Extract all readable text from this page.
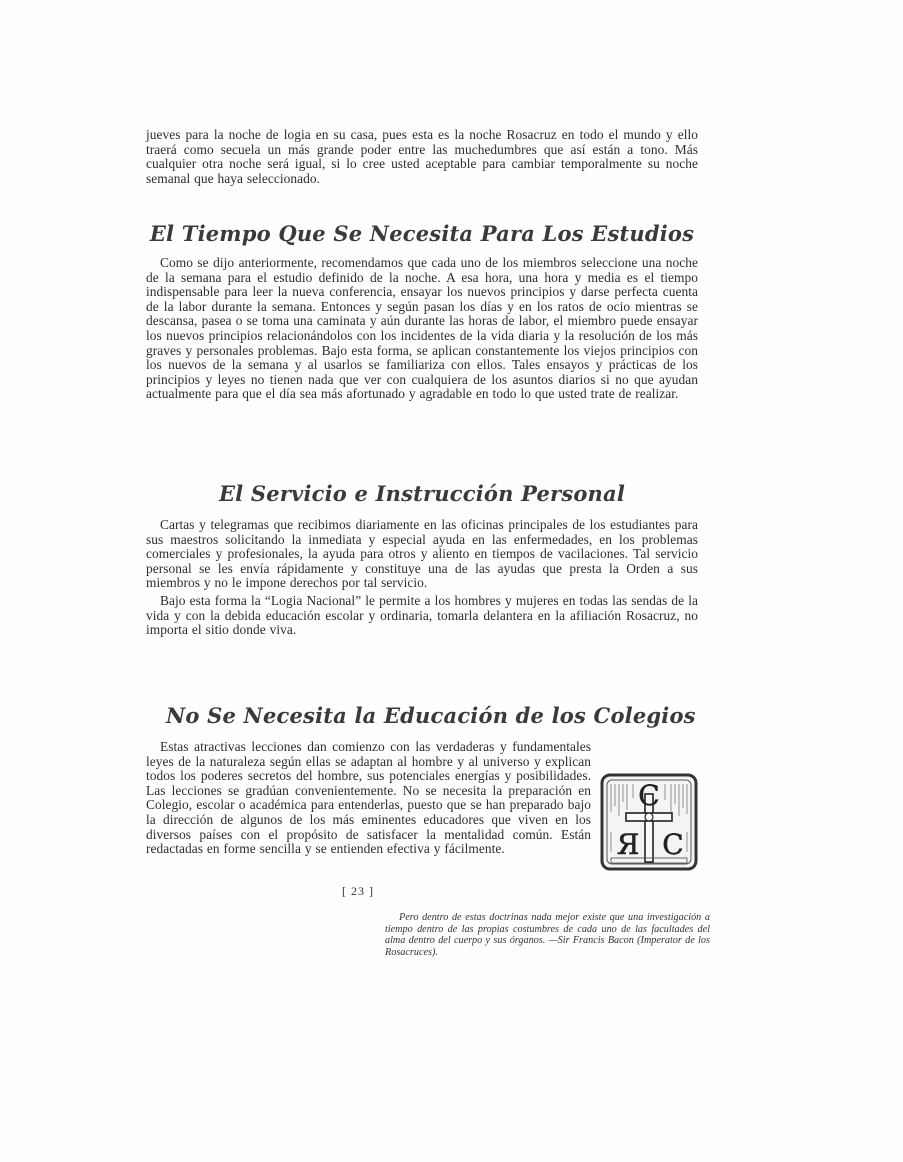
jueves para la noche de logia en su casa, pues esta es la noche Rosacruz en todo el mundo y ello traerá como secuela un más grande poder entre las muchedumbres que así están a tono. Más cualquier otra noche será igual, si lo cree usted aceptable para cambiar temporalmente su noche semanal que haya seleccionado.

El Tiempo Que Se Necesita Para Los Estudios

Como se dijo anteriormente, recomendamos que cada uno de los miembros seleccione una noche de la semana para el estudio definido de la noche. A esa hora, una hora y media es el tiempo indispensable para leer la nueva conferencia, ensayar los nuevos principios y darse perfecta cuenta de la labor durante la semana. Entonces y según pasan los días y en los ratos de ocio mientras se descansa, pasea o se toma una caminata y aún durante las horas de labor, el miembro puede ensayar los nuevos principios relacionándolos con los incidentes de la vida diaria y la resolución de los más graves y personales problemas. Bajo esta forma, se aplican constantemente los viejos principios con los nuevos de la semana y al usarlos se familiariza con ellos. Tales ensayos y prácticas de los principios y leyes no tienen nada que ver con cualquiera de los asuntos diarios si no que ayudan actualmente para que el día sea más afortunado y agradable en todo lo que usted trate de realizar.

El Servicio e Instrucción Personal

Cartas y telegramas que recibimos diariamente en las oficinas principales de los estudiantes para sus maestros solicitando la inmediata y especial ayuda en las enfermedades, en los problemas comerciales y profesionales, la ayuda para otros y aliento en tiempos de vacilaciones. Tal servicio personal se les envía rápidamente y constituye una de las ayudas que presta la Orden a sus miembros y no le impone derechos por tal servicio.

Bajo esta forma la “Logia Nacional” le permite a los hombres y mujeres en todas las sendas de la vida y con la debida educación escolar y ordinaria, tomarla delantera en la afiliación Rosacruz, no importa el sitio donde viva.

No Se Necesita la Educación de los Colegios

Estas atractivas lecciones dan comienzo con las verdaderas y fundamentales leyes de la naturaleza según ellas se adaptan al hombre y al universo y explican todos los poderes secretos del hombre, sus potenciales energías y posibilidades. Las lecciones se gradúan convenientemente. No se necesita la preparación en Colegio, escolar o académica para entenderlas, puesto que se han preparado bajo la dirección de algunos de los más eminentes educadores que viven en los diversos países con el propósito de satisfacer la mentalidad común. Están redactadas en forme sencilla y se entienden efectiva y fácilmente.

C
Я C
[ 23 ]

Pero dentro de estas doctrinas nada mejor existe que una investigación a tiempo dentro de las propias costumbres de cada uno de las facultades del alma dentro del cuerpo y sus órganos. —Sir Francis Bacon (Imperator de los Rosacruces).
